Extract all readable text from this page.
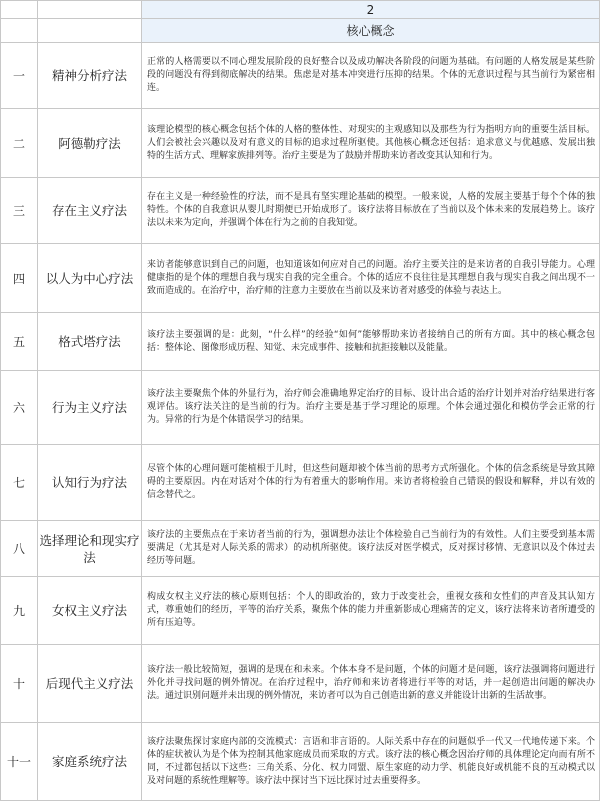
		2
		核心概念
一	精神分析疗法	正常的人格需要以不同心理发展阶段的良好整合以及成功解决各阶段的问题为基础。有问题的人格发展是某些阶段的问题没有得到彻底解决的结果。焦虑是对基本冲突进行压抑的结果。个体的无意识过程与其当前行为紧密相连。
二	阿德勒疗法	该理论模型的核心概念包括个体的人格的整体性、对现实的主观感知以及那些为行为指明方向的重要生活目标。人们会被社会兴趣以及对有意义的目标的追求过程所驱使。其他核心概念还包括：追求意义与优越感、发展出独特的生活方式、理解家族排列等。治疗主要是为了鼓励并帮助来访者改变其认知和行为。
三	存在主义疗法	存在主义是一种经验性的疗法，而不是具有坚实理论基础的模型。一般来说，人格的发展主要基于每个个体的独特性。个体的自我意识从婴儿时期便已开始成形了。该疗法将目标放在了当前以及个体未来的发展趋势上。该疗法以未来为定向，并强调个体在行为之前的自我知觉。
四	以人为中心疗法	来访者能够意识到自己的问题，也知道该如何应对自己的问题。治疗主要关注的是来访者的自我引导能力。心理健康指的是个体的理想自我与现实自我的完全重合。个体的适应不良往往是其理想自我与现实自我之间出现不一致而造成的。在治疗中，治疗师的注意力主要放在当前以及来访者对感受的体验与表达上。
五	格式塔疗法	该疗法主要强调的是：此刻，“什么样”的经验“如何”能够帮助来访者接纳自己的所有方面。其中的核心概念包括：整体论、图像形成历程、知觉、未完成事件、接触和抗拒接触以及能量。
六	行为主义疗法	该疗法主要聚焦个体的外显行为，治疗师会准确地界定治疗的目标、设计出合适的治疗计划并对治疗结果进行客观评估。该疗法关注的是当前的行为。治疗主要是基于学习理论的原理。个体会通过强化和模仿学会正常的行为。异常的行为是个体错误学习的结果。
七	认知行为疗法	尽管个体的心理问题可能植根于儿时，但这些问题却被个体当前的思考方式所强化。个体的信念系统是导致其障碍的主要原因。内在对话对个体的行为有着重大的影响作用。来访者将检验自己错误的假设和解释，并以有效的信念替代之。
八	选择理论和现实疗法	该疗法的主要焦点在于来访者当前的行为，强调想办法让个体检验自己当前行为的有效性。人们主要受到基本需要满足（尤其是对人际关系的需求）的动机所驱使。该疗法反对医学模式，反对探讨移情、无意识以及个体过去经历等问题。
九	女权主义疗法	构成女权主义疗法的核心原则包括：个人的即政治的，致力于改变社会，重视女孩和女性们的声音及其认知方式，尊重她们的经历，平等的治疗关系，聚焦个体的能力并重新影成心理痛苦的定义，该疗法将来访者所遭受的所有压迫等。
十	后现代主义疗法	该疗法一般比较简短，强调的是现在和未来。个体本身不是问题，个体的问题才是问题，该疗法强调将问题进行外化并寻找问题的例外情况。在治疗过程中，治疗师和来访者将进行平等的对话，并一起创造出问题的解决办法。通过识别问题并未出现的例外情况，来访者可以为自己创造出新的意义并能设计出新的生活故事。
十一	家庭系统疗法	该疗法聚焦探讨家庭内部的交流模式：言语和非言语的。人际关系中存在的问题似乎一代又一代地传递下来。个体的症状被认为是个体为控制其他家庭成员而采取的方式。该疗法的核心概念因治疗师的具体理论定向而有所不同，不过都包括以下这些：三角关系、分化、权力同盟、原生家庭的动力学、机能良好或机能不良的互动模式以及对问题的系统性理解等。该疗法中探讨当下远比探讨过去重要得多。
